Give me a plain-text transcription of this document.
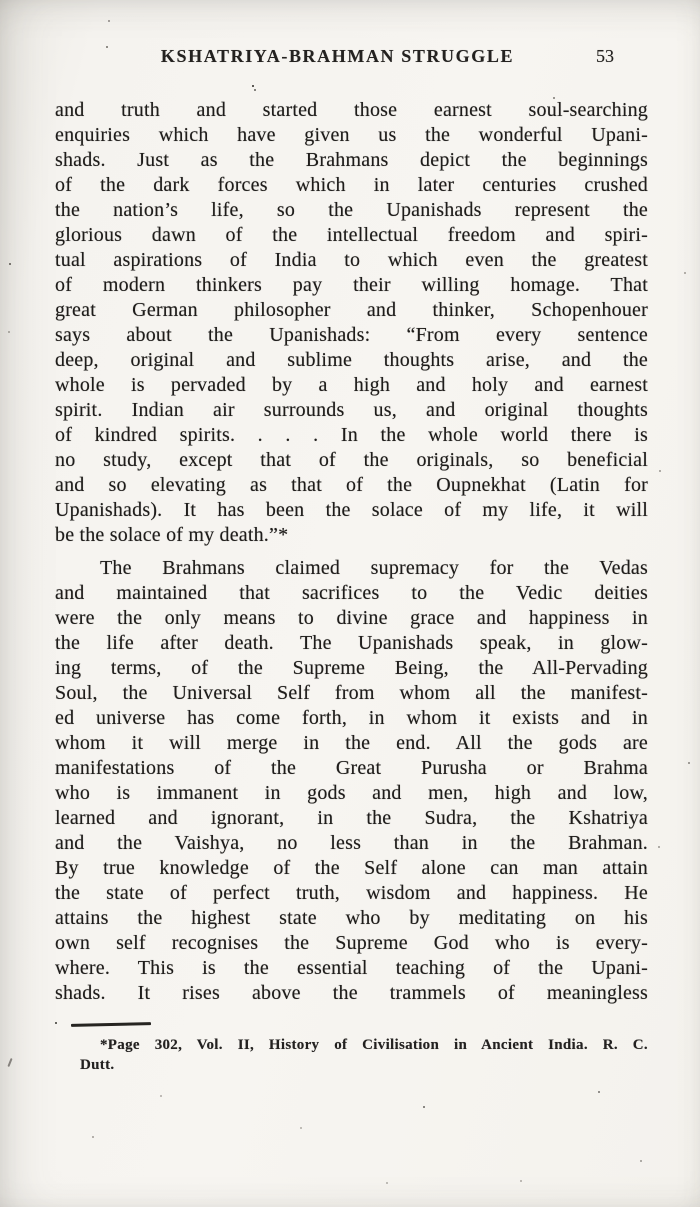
KSHATRIYA-BRAHMAN STRUGGLE	53
and truth and started those earnest soul-searching
enquiries which have given us the wonderful Upani-
shads. Just as the Brahmans depict the beginnings
of the dark forces which in later centuries crushed
the nation’s life, so the Upanishads represent the
glorious dawn of the intellectual freedom and spiri-
tual aspirations of India to which even the greatest
of modern thinkers pay their willing homage. That
great German philosopher and thinker, Schopenhouer
says about the Upanishads: “From every sentence
deep, original and sublime thoughts arise, and the
whole is pervaded by a high and holy and earnest
spirit. Indian air surrounds us, and original thoughts
of kindred spirits. . . . In the whole world there is
no study, except that of the originals, so beneficial
and so elevating as that of the Oupnekhat (Latin for
Upanishads). It has been the solace of my life, it will
be the solace of my death.”*
The Brahmans claimed supremacy for the Vedas
and maintained that sacrifices to the Vedic deities
were the only means to divine grace and happiness in
the life after death. The Upanishads speak, in glow-
ing terms, of the Supreme Being, the All-Pervading
Soul, the Universal Self from whom all the manifest-
ed universe has come forth, in whom it exists and in
whom it will merge in the end. All the gods are
manifestations of the Great Purusha or Brahma
who is immanent in gods and men, high and low,
learned and ignorant, in the Sudra, the Kshatriya
and the Vaishya, no less than in the Brahman.
By true knowledge of the Self alone can man attain
the state of perfect truth, wisdom and happiness. He
attains the highest state who by meditating on his
own self recognises the Supreme God who is every-
where. This is the essential teaching of the Upani-
shads. It rises above the trammels of meaningless
*Page 302, Vol. II, History of Civilisation in Ancient India. R. C.
Dutt.
